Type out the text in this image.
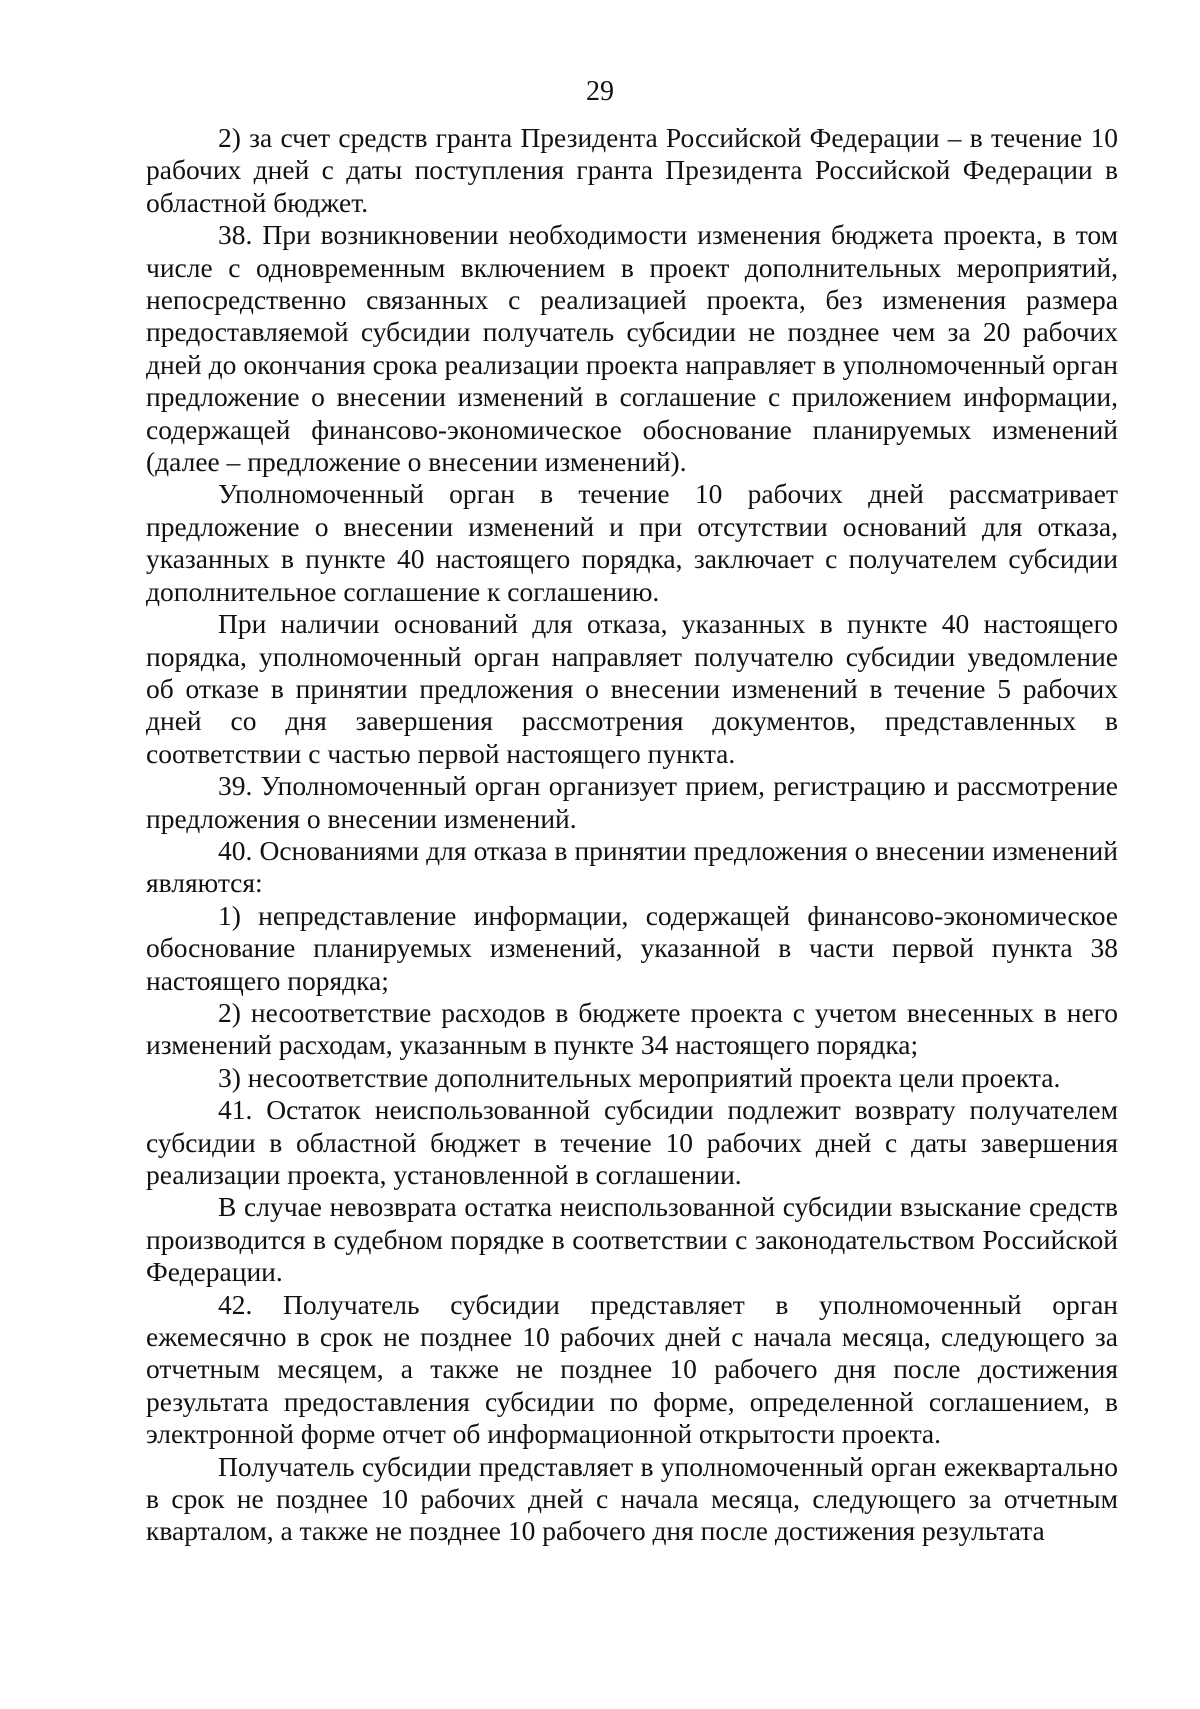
29

2) за счет средств гранта Президента Российской Федерации – в течение 10 рабочих дней с даты поступления гранта Президента Российской Федерации в областной бюджет.

38. При возникновении необходимости изменения бюджета проекта, в том числе с одновременным включением в проект дополнительных мероприятий, непосредственно связанных с реализацией проекта, без изменения размера предоставляемой субсидии получатель субсидии не позднее чем за 20 рабочих дней до окончания срока реализации проекта направляет в уполномоченный орган предложение о внесении изменений в соглашение с приложением информации, содержащей финансово-экономическое обоснование планируемых изменений (далее – предложение о внесении изменений).

Уполномоченный орган в течение 10 рабочих дней рассматривает предложение о внесении изменений и при отсутствии оснований для отказа, указанных в пункте 40 настоящего порядка, заключает с получателем субсидии дополнительное соглашение к соглашению.

При наличии оснований для отказа, указанных в пункте 40 настоящего порядка, уполномоченный орган направляет получателю субсидии уведомление об отказе в принятии предложения о внесении изменений в течение 5 рабочих дней со дня завершения рассмотрения документов, представленных в соответствии с частью первой настоящего пункта.

39. Уполномоченный орган организует прием, регистрацию и рассмотрение предложения о внесении изменений.

40. Основаниями для отказа в принятии предложения о внесении изменений являются:

1) непредставление информации, содержащей финансово-экономическое обоснование планируемых изменений, указанной в части первой пункта 38 настоящего порядка;

2) несоответствие расходов в бюджете проекта с учетом внесенных в него изменений расходам, указанным в пункте 34 настоящего порядка;

3) несоответствие дополнительных мероприятий проекта цели проекта.

41. Остаток неиспользованной субсидии подлежит возврату получателем субсидии в областной бюджет в течение 10 рабочих дней с даты завершения реализации проекта, установленной в соглашении.

В случае невозврата остатка неиспользованной субсидии взыскание средств производится в судебном порядке в соответствии с законодательством Российской Федерации.

42. Получатель субсидии представляет в уполномоченный орган ежемесячно в срок не позднее 10 рабочих дней с начала месяца, следующего за отчетным месяцем, а также не позднее 10 рабочего дня после достижения результата предоставления субсидии по форме, определенной соглашением, в электронной форме отчет об информационной открытости проекта.

Получатель субсидии представляет в уполномоченный орган ежеквартально в срок не позднее 10 рабочих дней с начала месяца, следующего за отчетным кварталом, а также не позднее 10 рабочего дня после достижения результата
